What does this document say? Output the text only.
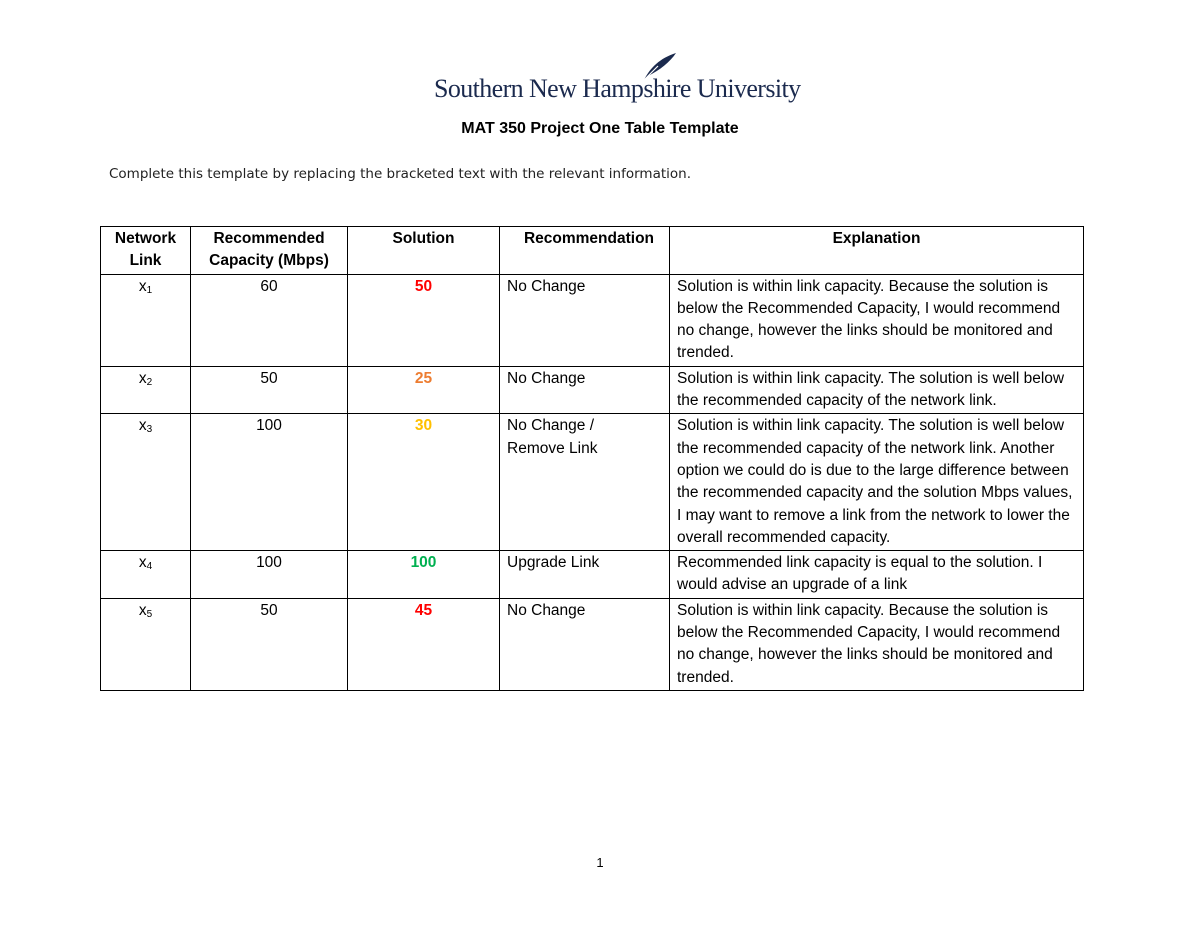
Southern New Hampshire University
MAT 350 Project One Table Template
Complete this template by replacing the bracketed text with the relevant information.
Network Link	Recommended Capacity (Mbps)	Solution	Recommendation	Explanation
$x_1$	60	50	No Change	Solution is within link capacity. Because the solution is below the Recommended Capacity, I would recommend no change, however the links should be monitored and trended.
$x_2$	50	25	No Change	Solution is within link capacity. The solution is well below the recommended capacity of the network link.
$x_3$	100	30	No Change / Remove Link	Solution is within link capacity. The solution is well below the recommended capacity of the network link. Another option we could do is due to the large difference between the recommended capacity and the solution Mbps values, I may want to remove a link from the network to lower the overall recommended capacity.
$x_4$	100	100	Upgrade Link	Recommended link capacity is equal to the solution. I would advise an upgrade of a link
$x_5$	50	45	No Change	Solution is within link capacity. Because the solution is below the Recommended Capacity, I would recommend no change, however the links should be monitored and trended.
1
